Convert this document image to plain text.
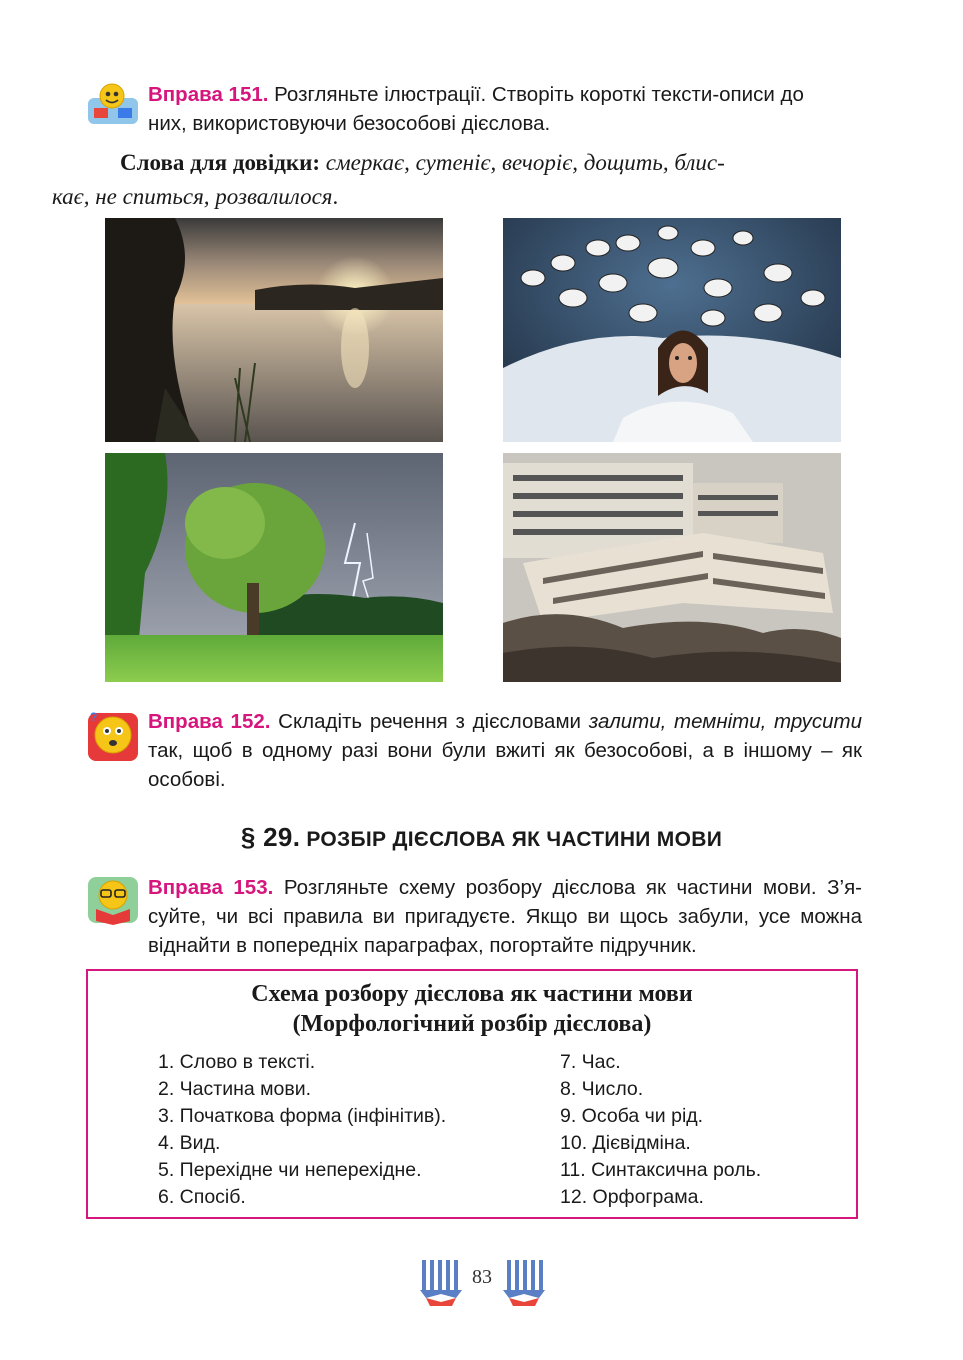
Вправа 151. Розгляньте ілюстрації. Створіть короткі тексти-описи до
них, використовуючи безособові дієслова.
Слова для довідки: смеркає, сутеніє, вечоріє, дощить, блис-
кає, не спиться, розвалилося.
? Вправа 152. Складіть речення з дієсловами залити, темніти, трусити так, щоб в одному разі вони були вжиті як безособові, а в іншому – як особові.
§ 29. РОЗБІР ДІЄСЛОВА ЯК ЧАСТИНИ МОВИ
Вправа 153. Розгляньте схему розбору дієслова як частини мови. З’я-суйте, чи всі правила ви пригадуєте. Якщо ви щось забули, усе можна віднайти в попередніх параграфах, погортайте підручник.
Схема розбору дієслова як частини мови
(Морфологічний розбір дієслова)
1. Слово в тексті.
2. Частина мови.
3. Початкова форма (інфінітив).
4. Вид.
5. Перехідне чи неперехідне.
6. Спосіб.
7. Час.
8. Число.
9. Особа чи рід.
10. Дієвідміна.
11. Синтаксична роль.
12. Орфограма.
83
